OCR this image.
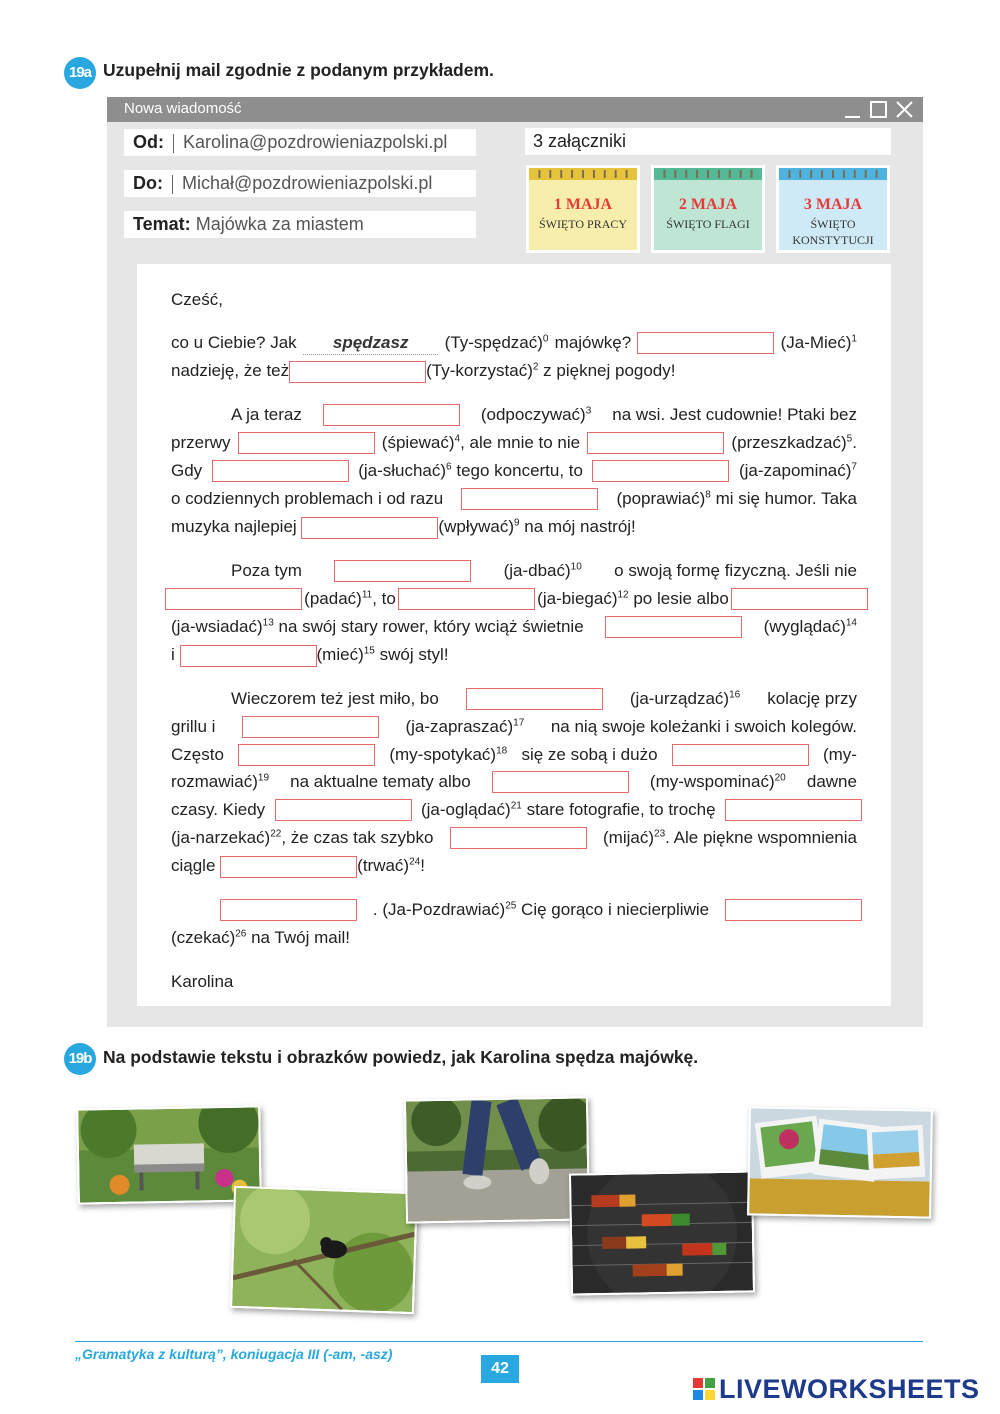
19a Uzupełnij mail zgodnie z podanym przykładem.
Nowa wiadomość
Od: Karolina@pozdrowieniazpolski.pl
Do: Michał@pozdrowieniazpolski.pl
Temat: Majówka za miastem
3 załączniki
1 MAJA
ŚWIĘTO PRACY
2 MAJA
ŚWIĘTO FLAGI
3 MAJA
ŚWIĘTO KONSTYTUCJI
Cześć,
co u Ciebie? Jak	spędzasz	(Ty-spędzać)$^0$ majówkę?	(Ja-Mieć)$^1$
nadzieję, że też	(Ty-korzystać)$^2$ z pięknej pogody!
A ja teraz	(odpoczywać)$^3$ na wsi. Jest cudownie! Ptaki bez
przerwy	(śpiewać)$^4$, ale mnie to nie	(przeszkadzać)$^5$.
Gdy	(ja-słuchać)$^6$ tego koncertu, to	(ja-zapominać)$^7$
o codziennych problemach i od razu	(poprawiać)$^8$ mi się humor. Taka
muzyka najlepiej	(wpływać)$^9$ na mój nastrój!
Poza tym	(ja-dbać)$^{10}$ o swoją formę fizyczną. Jeśli nie
(padać)$^{11}$, to	(ja-biegać)$^{12}$ po lesie albo
(ja-wsiadać)$^{13}$ na swój stary rower, który wciąż świetnie	(wyglądać)$^{14}$
i	(mieć)$^{15}$ swój styl!
Wieczorem też jest miło, bo	(ja-urządzać)$^{16}$ kolację przy
grillu i	(ja-zapraszać)$^{17}$ na nią swoje koleżanki i swoich kolegów.
Często	(my-spotykać)$^{18}$ się ze sobą i dużo	(my-
rozmawiać)$^{19}$ na aktualne tematy albo	(my-wspominać)$^{20}$ dawne
czasy. Kiedy	(ja-oglądać)$^{21}$ stare fotografie, to trochę
(ja-narzekać)$^{22}$, że czas tak szybko	(mijać)$^{23}$. Ale piękne wspomnienia
ciągle	(trwać)$^{24}$!
. (Ja-Pozdrawiać)$^{25}$ Cię gorąco i niecierpliwie
(czekać)$^{26}$ na Twój mail!
Karolina
19b Na podstawie tekstu i obrazków powiedz, jak Karolina spędza majówkę.
„Gramatyka z kulturą”, koniugacja III (-am, -asz)
42
LIVEWORKSHEETS
